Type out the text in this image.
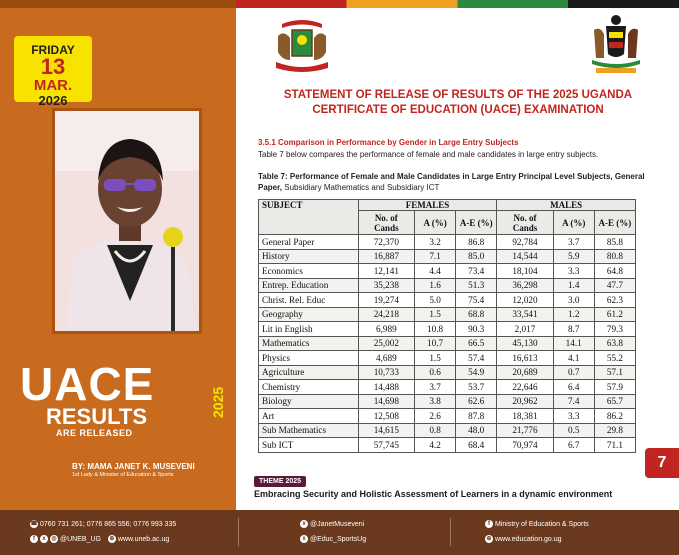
FRIDAY
13
MAR.
2026
UACE
RESULTS
ARE RELEASED
2025
BY: MAMA JANET K. MUSEVENI
1st Lady & Minister of Education & Sports
STATEMENT OF RELEASE OF RESULTS OF THE 2025 UGANDA CERTIFICATE OF EDUCATION (UACE) EXAMINATION
3.5.1 Comparison in Performance by Gender in Large Entry Subjects
Table 7 below compares the performance of female and male candidates in large entry subjects.
Table 7: Performance of Female and Male Candidates in Large Entry Principal Level Subjects, General Paper, Subsidiary Mathematics and Subsidiary ICT
SUBJECT	FEMALES			MALES		
	No. of Cands	A (%)	A-E (%)	No. of Cands	A (%)	A-E (%)
General Paper	72,370	3.2	86.8	92,784	3.7	85.8
History	16,887	7.1	85.0	14,544	5.9	80.8
Economics	12,141	4.4	73.4	18,104	3.3	64.8
Entrep. Education	35,238	1.6	51.3	36,298	1.4	47.7
Christ. Rel. Educ	19,274	5.0	75.4	12,020	3.0	62.3
Geography	24,218	1.5	68.8	33,541	1.2	61.2
Lit in English	6,989	10.8	90.3	2,017	8.7	79.3
Mathematics	25,002	10.7	66.5	45,130	14.1	63.8
Physics	4,689	1.5	57.4	16,613	4.1	55.2
Agriculture	10,733	0.6	54.9	20,689	0.7	57.1
Chemistry	14,488	3.7	53.7	22,646	6.4	57.9
Biology	14,698	3.8	62.6	20,962	7.4	65.7
Art	12,508	2.6	87.8	18,381	3.3	86.2
Sub Mathematics	14,615	0.8	48.0	21,776	0.5	29.8
Sub ICT	57,745	4.2	68.4	70,974	6.7	71.1
7
THEME 2025
Embracing Security and Holistic Assessment of Learners in a dynamic environment
☎ 0760 731 261; 0776 865 556; 0776 993 335
f x ◎ @UNEB_UG ⊕ www.uneb.ac.ug
x @JanetMuseveni
x @Educ_SportsUg
f Ministry of Education & Sports
⊕ www.education.go.ug
